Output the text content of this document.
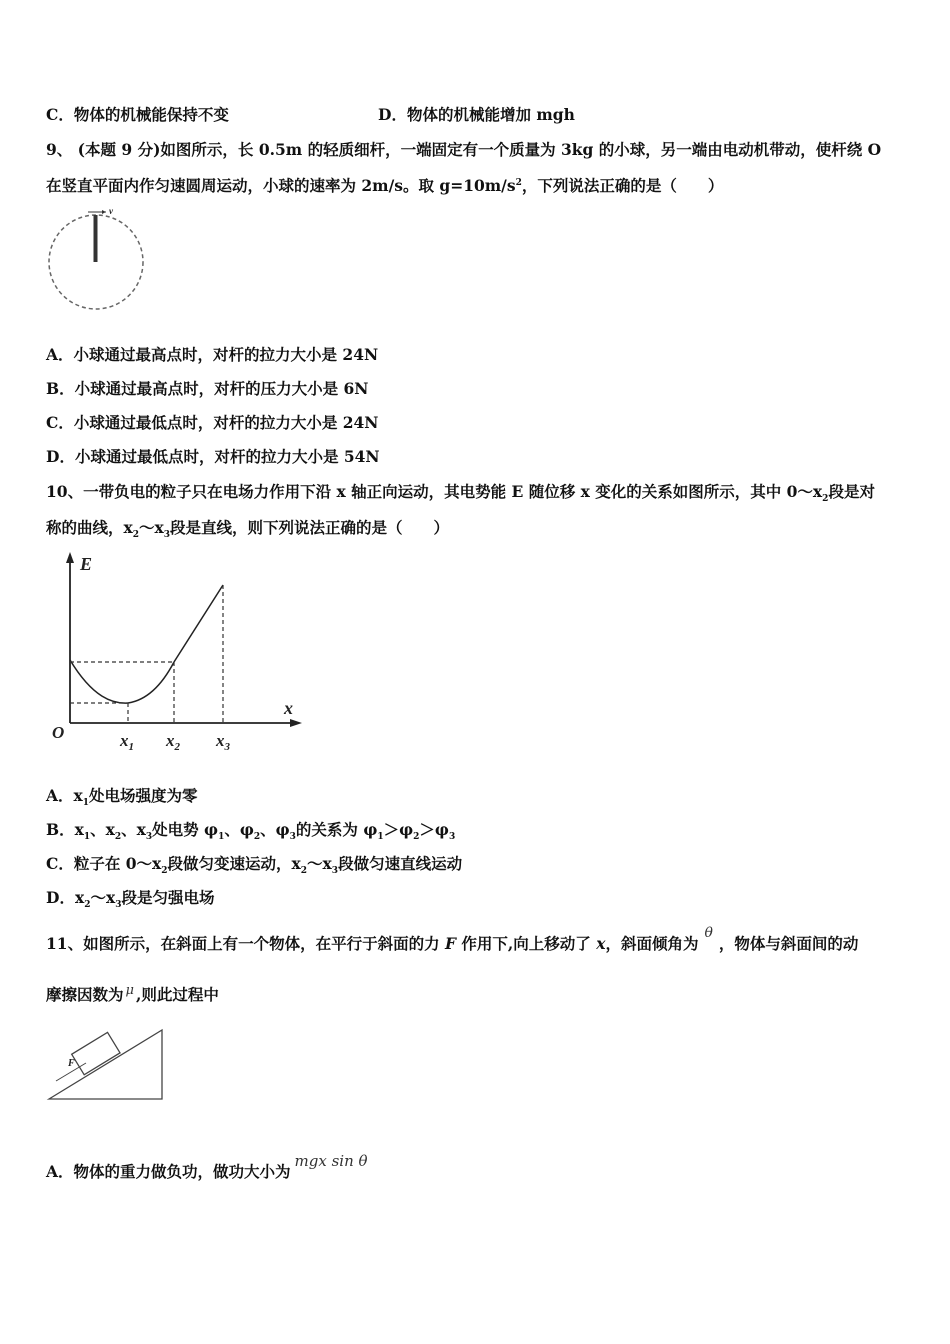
C．物体的机械能保持不变	D．物体的机械能增加 mgh
9、 (本题 9 分)如图所示，长 0.5m 的轻质细杆，一端固定有一个质量为 3kg 的小球，另一端由电动机带动，使杆绕 O
在竖直平面内作匀速圆周运动，小球的速率为 2m/s。取 $g=10m/s^2$，下列说法正确的是（　　）
v
A．小球通过最高点时，对杆的拉力大小是 24N
B．小球通过最高点时，对杆的压力大小是 6N
C．小球通过最低点时，对杆的拉力大小是 24N
D．小球通过最低点时，对杆的拉力大小是 54N
10、一带负电的粒子只在电场力作用下沿 x 轴正向运动，其电势能 E 随位移 x 变化的关系如图所示，其中 $0\sim x_2$段是对
称的曲线，$x_2\sim x_3$段是直线，则下列说法正确的是（　　）
E
x
O	$x_1$ $x_2$ $x_3$
A．$x_1$处电场强度为零
B．$x_1$、$x_2$、$x_3$处电势 $\varphi_1$、$\varphi_2$、$\varphi_3$的关系为 $\varphi_1>\varphi_2>\varphi_3$
C．粒子在 $0\sim x_2$段做匀变速运动，$x_2\sim x_3$段做匀速直线运动
D．$x_2\sim x_3$段是匀强电场
11、如图所示，在斜面上有一个物体，在平行于斜面的力 F 作用下,向上移动了 x，斜面倾角为θ，物体与斜面间的动
摩擦因数为 $^\mu$ ,则此过程中
F
A．物体的重力做负功，做功大小为mgx sin θ
